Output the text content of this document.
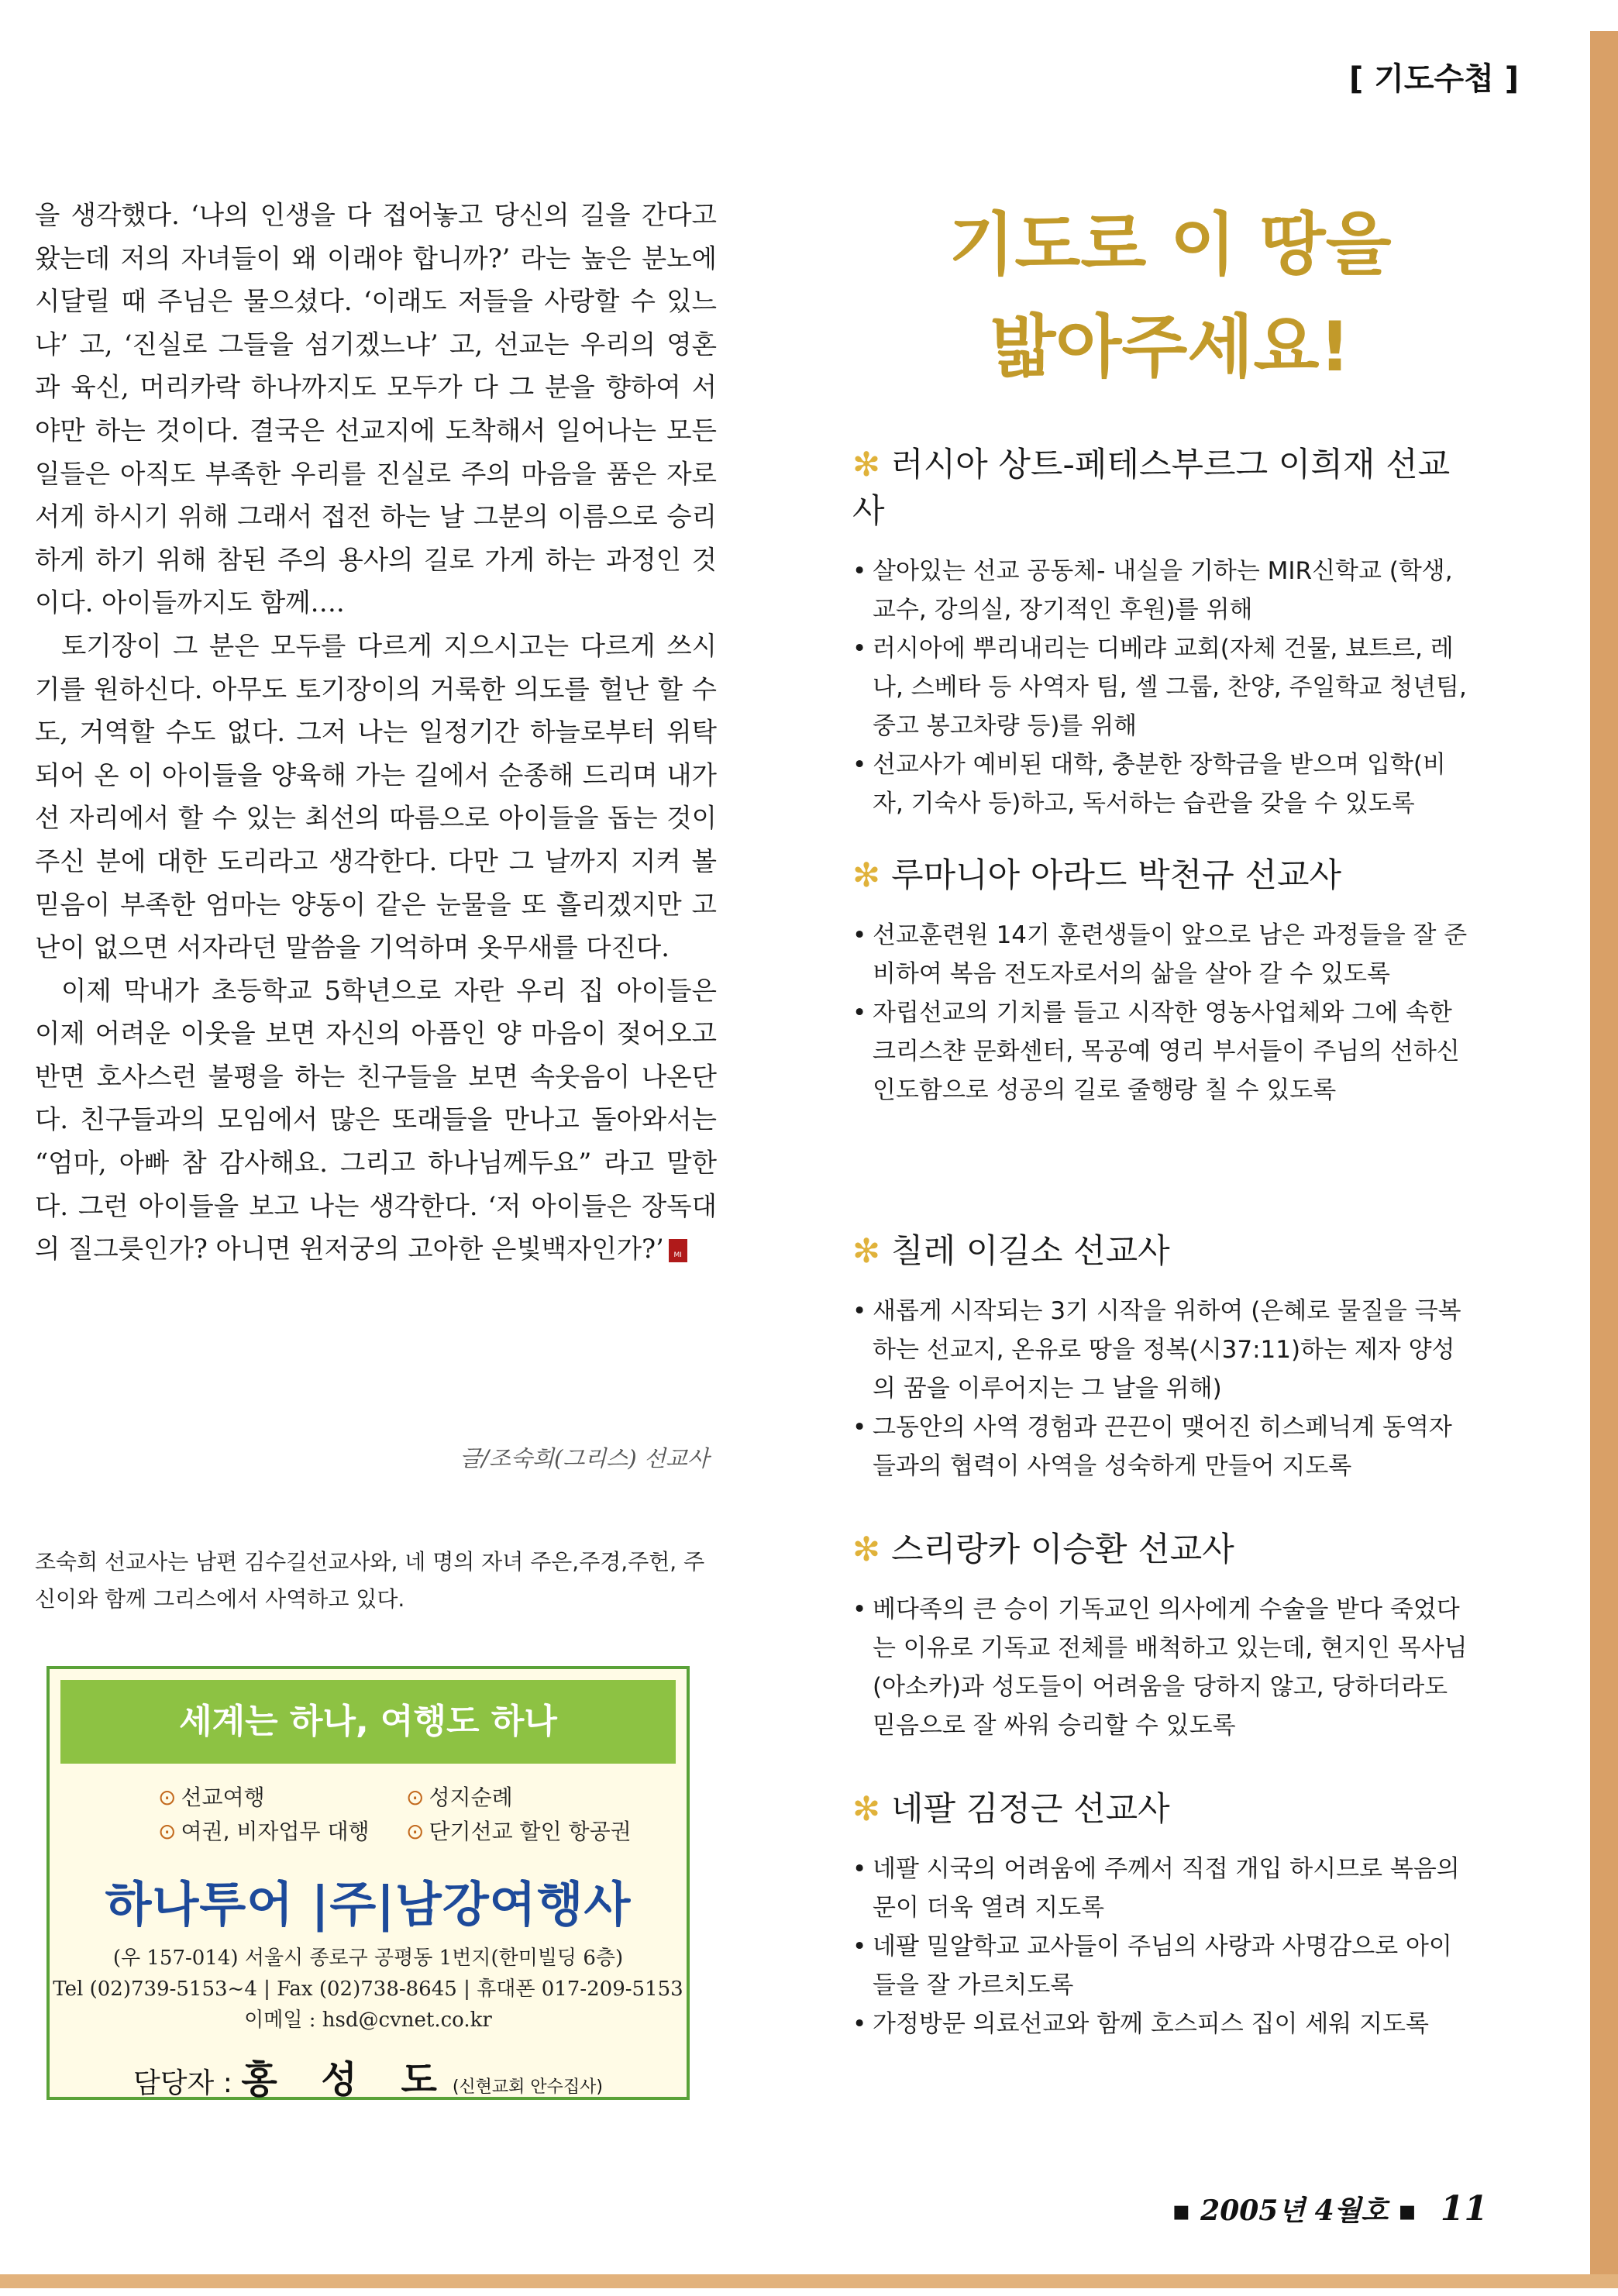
[ 기도수첩 ]

을 생각했다. ‘나의 인생을 다 접어놓고 당신의 길을 간다고 왔는데 저의 자녀들이 왜 이래야 합니까?’ 라는 높은 분노에 시달릴 때 주님은 물으셨다. ‘이래도 저들을 사랑할 수 있느냐’ 고, ‘진실로 그들을 섬기겠느냐’ 고, 선교는 우리의 영혼과 육신, 머리카락 하나까지도 모두가 다 그 분을 향하여 서야만 하는 것이다. 결국은 선교지에 도착해서 일어나는 모든 일들은 아직도 부족한 우리를 진실로 주의 마음을 품은 자로 서게 하시기 위해 그래서 접전 하는 날 그분의 이름으로 승리하게 하기 위해 참된 주의 용사의 길로 가게 하는 과정인 것이다. 아이들까지도 함께….

토기장이 그 분은 모두를 다르게 지으시고는 다르게 쓰시기를 원하신다. 아무도 토기장이의 거룩한 의도를 헐난 할 수도, 거역할 수도 없다. 그저 나는 일정기간 하늘로부터 위탁되어 온 이 아이들을 양육해 가는 길에서 순종해 드리며 내가 선 자리에서 할 수 있는 최선의 따름으로 아이들을 돕는 것이 주신 분에 대한 도리라고 생각한다. 다만 그 날까지 지켜 볼 믿음이 부족한 엄마는 양동이 같은 눈물을 또 흘리겠지만 고난이 없으면 서자라던 말씀을 기억하며 옷무새를 다진다.

이제 막내가 초등학교 5학년으로 자란 우리 집 아이들은 이제 어려운 이웃을 보면 자신의 아픔인 양 마음이 젖어오고 반면 호사스런 불평을 하는 친구들을 보면 속웃음이 나온단다. 친구들과의 모임에서 많은 또래들을 만나고 돌아와서는 “엄마, 아빠 참 감사해요. 그리고 하나님께두요” 라고 말한다. 그런 아이들을 보고 나는 생각한다. ‘저 아이들은 장독대의 질그릇인가? 아니면 윈저궁의 고아한 은빛백자인가?’	KO MI

글/조숙희(그리스) 선교사
조숙희 선교사는 남편 김수길선교사와, 네 명의 자녀 주은,주경,주헌, 주신이와 함께 그리스에서 사역하고 있다.
세계는 하나, 여행도 하나
⊙ 선교여행	⊙ 성지순례
⊙ 여권, 비자업무 대행	⊙ 단기선교 할인 항공권
하나투어 |주|남강여행사
(우 157-014) 서울시 종로구 공평동 1번지(한미빌딩 6층)
Tel (02)739-5153~4 | Fax (02)738-8645 | 휴대폰 017-209-5153
이메일 : hsd@cvnet.co.kr
담당자 : 홍 성 도(신현교회 안수집사)
기도로 이 땅을
밟아주세요!
✻ 러시아 상트-페테스부르그 이희재 선교사
• 살아있는 선교 공동체- 내실을 기하는 MIR신학교 (학생, 교수, 강의실, 장기적인 후원)를 위해
• 러시아에 뿌리내리는 디베랴 교회(자체 건물, 뵤트르, 레나, 스베타 등 사역자 팀, 셀 그룹, 찬양, 주일학교 청년팀, 중고 봉고차량 등)를 위해
• 선교사가 예비된 대학, 충분한 장학금을 받으며 입학(비자, 기숙사 등)하고, 독서하는 습관을 갖을 수 있도록
✻ 루마니아 아라드 박천규 선교사
• 선교훈련원 14기 훈련생들이 앞으로 남은 과정들을 잘 준비하여 복음 전도자로서의 삶을 살아 갈 수 있도록
• 자립선교의 기치를 들고 시작한 영농사업체와 그에 속한 크리스챤 문화센터, 목공예 영리 부서들이 주님의 선하신 인도함으로 성공의 길로 줄행랑 칠 수 있도록
✻ 칠레 이길소 선교사
• 새롭게 시작되는 3기 시작을 위하여 (은혜로 물질을 극복하는 선교지, 온유로 땅을 정복(시37:11)하는 제자 양성의 꿈을 이루어지는 그 날을 위해)
• 그동안의 사역 경험과 끈끈이 맺어진 히스페닉계 동역자들과의 협력이 사역을 성숙하게 만들어 지도록
✻ 스리랑카 이승환 선교사
• 베다족의 큰 승이 기독교인 의사에게 수술을 받다 죽었다는 이유로 기독교 전체를 배척하고 있는데, 현지인 목사님(아소카)과 성도들이 어려움을 당하지 않고, 당하더라도 믿음으로 잘 싸워 승리할 수 있도록
✻ 네팔 김정근 선교사
• 네팔 시국의 어려움에 주께서 직접 개입 하시므로 복음의 문이 더욱 열려 지도록
• 네팔 밀알학교 교사들이 주님의 사랑과 사명감으로 아이들을 잘 가르치도록
• 가정방문 의료선교와 함께 호스피스 집이 세워 지도록
▪ 2005년 4월호 ▪ 11
